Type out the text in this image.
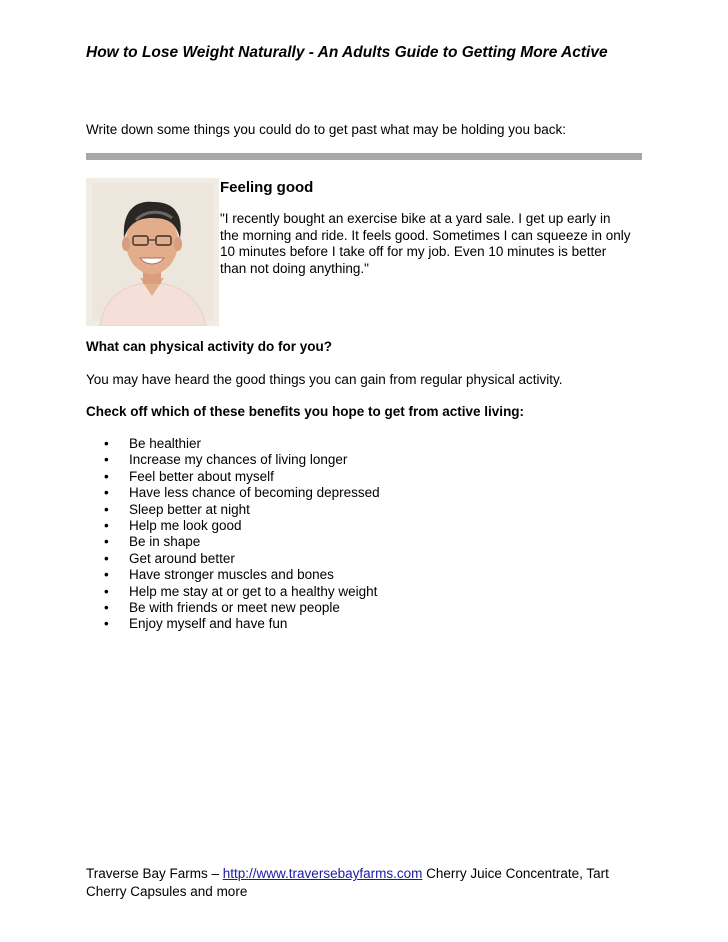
How to Lose Weight Naturally - An Adults Guide to Getting More Active

Write down some things you could do to get past what may be holding you back:

Feeling good

"I recently bought an exercise bike at a yard sale. I get up early in the morning and ride. It feels good. Sometimes I can squeeze in only 10 minutes before I take off for my job. Even 10 minutes is better than not doing anything."

What can physical activity do for you?

You may have heard the good things you can gain from regular physical activity.

Check off which of these benefits you hope to get from active living:
• Be healthier
• Increase my chances of living longer
• Feel better about myself
• Have less chance of becoming depressed
• Sleep better at night
• Help me look good
• Be in shape
• Get around better
• Have stronger muscles and bones
• Help me stay at or get to a healthy weight
• Be with friends or meet new people
• Enjoy myself and have fun

Traverse Bay Farms – http://www.traversebayfarms.com Cherry Juice Concentrate, Tart Cherry Capsules and more
